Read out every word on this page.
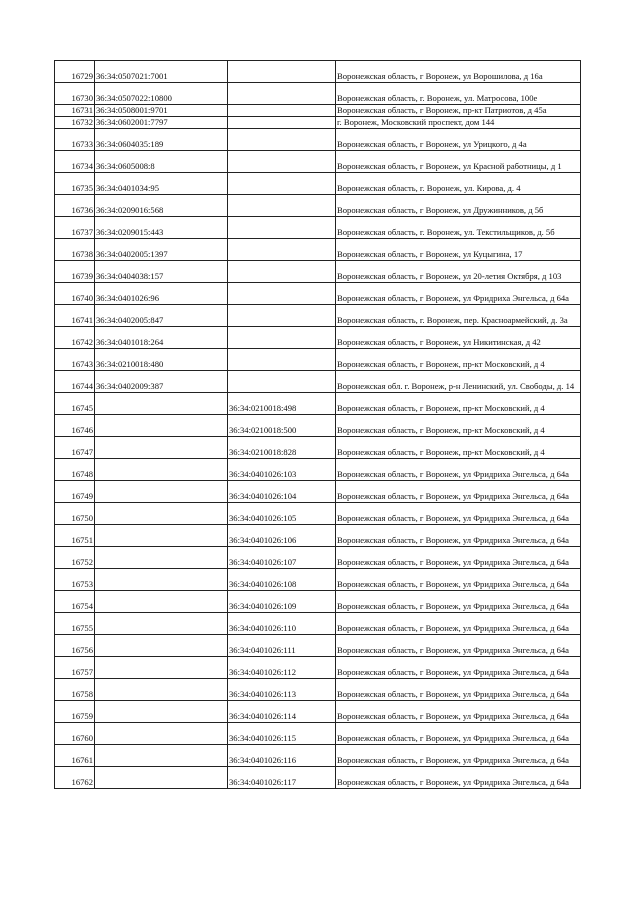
16729	36:34:0507021:7001		Воронежская область, г Воронеж, ул Ворошилова, д 16а
16730	36:34:0507022:10800		Воронежская область, г. Воронеж, ул. Матросова, 100е
16731	36:34:0508001:9701		Воронежская область, г Воронеж, пр-кт Патриотов, д 45а
16732	36:34:0602001:7797		г. Воронеж, Московский проспект, дом 144
16733	36:34:0604035:189		Воронежская область, г Воронеж, ул Урицкого, д 4а
16734	36:34:0605008:8		Воронежская область, г Воронеж, ул Красной работницы, д 1
16735	36:34:0401034:95		Воронежская область, г. Воронеж, ул. Кирова, д. 4
16736	36:34:0209016:568		Воронежская область, г Воронеж, ул Дружинников, д 5б
16737	36:34:0209015:443		Воронежская область, г. Воронеж, ул. Текстильщиков, д. 5б
16738	36:34:0402005:1397		Воронежская область, г Воронеж, ул Куцыгина, 17
16739	36:34:0404038:157		Воронежская область, г Воронеж, ул 20-летия Октября, д 103
16740	36:34:0401026:96		Воронежская область, г Воронеж, ул Фридриха Энгельса, д 64а
16741	36:34:0402005:847		Воронежская область, г. Воронеж, пер. Красноармейский, д. 3а
16742	36:34:0401018:264		Воронежская область, г Воронеж, ул Никитинская, д 42
16743	36:34:0210018:480		Воронежская область, г Воронеж, пр-кт Московский, д 4
16744	36:34:0402009:387		Воронежская обл. г. Воронеж, р-н Ленинский, ул. Свободы, д. 14
16745		36:34:0210018:498	Воронежская область, г Воронеж, пр-кт Московский, д 4
16746		36:34:0210018:500	Воронежская область, г Воронеж, пр-кт Московский, д 4
16747		36:34:0210018:828	Воронежская область, г Воронеж, пр-кт Московский, д 4
16748		36:34:0401026:103	Воронежская область, г Воронеж, ул Фридриха Энгельса, д 64а
16749		36:34:0401026:104	Воронежская область, г Воронеж, ул Фридриха Энгельса, д 64а
16750		36:34:0401026:105	Воронежская область, г Воронеж, ул Фридриха Энгельса, д 64а
16751		36:34:0401026:106	Воронежская область, г Воронеж, ул Фридриха Энгельса, д 64а
16752		36:34:0401026:107	Воронежская область, г Воронеж, ул Фридриха Энгельса, д 64а
16753		36:34:0401026:108	Воронежская область, г Воронеж, ул Фридриха Энгельса, д 64а
16754		36:34:0401026:109	Воронежская область, г Воронеж, ул Фридриха Энгельса, д 64а
16755		36:34:0401026:110	Воронежская область, г Воронеж, ул Фридриха Энгельса, д 64а
16756		36:34:0401026:111	Воронежская область, г Воронеж, ул Фридриха Энгельса, д 64а
16757		36:34:0401026:112	Воронежская область, г Воронеж, ул Фридриха Энгельса, д 64а
16758		36:34:0401026:113	Воронежская область, г Воронеж, ул Фридриха Энгельса, д 64а
16759		36:34:0401026:114	Воронежская область, г Воронеж, ул Фридриха Энгельса, д 64а
16760		36:34:0401026:115	Воронежская область, г Воронеж, ул Фридриха Энгельса, д 64а
16761		36:34:0401026:116	Воронежская область, г Воронеж, ул Фридриха Энгельса, д 64а
16762		36:34:0401026:117	Воронежская область, г Воронеж, ул Фридриха Энгельса, д 64а
